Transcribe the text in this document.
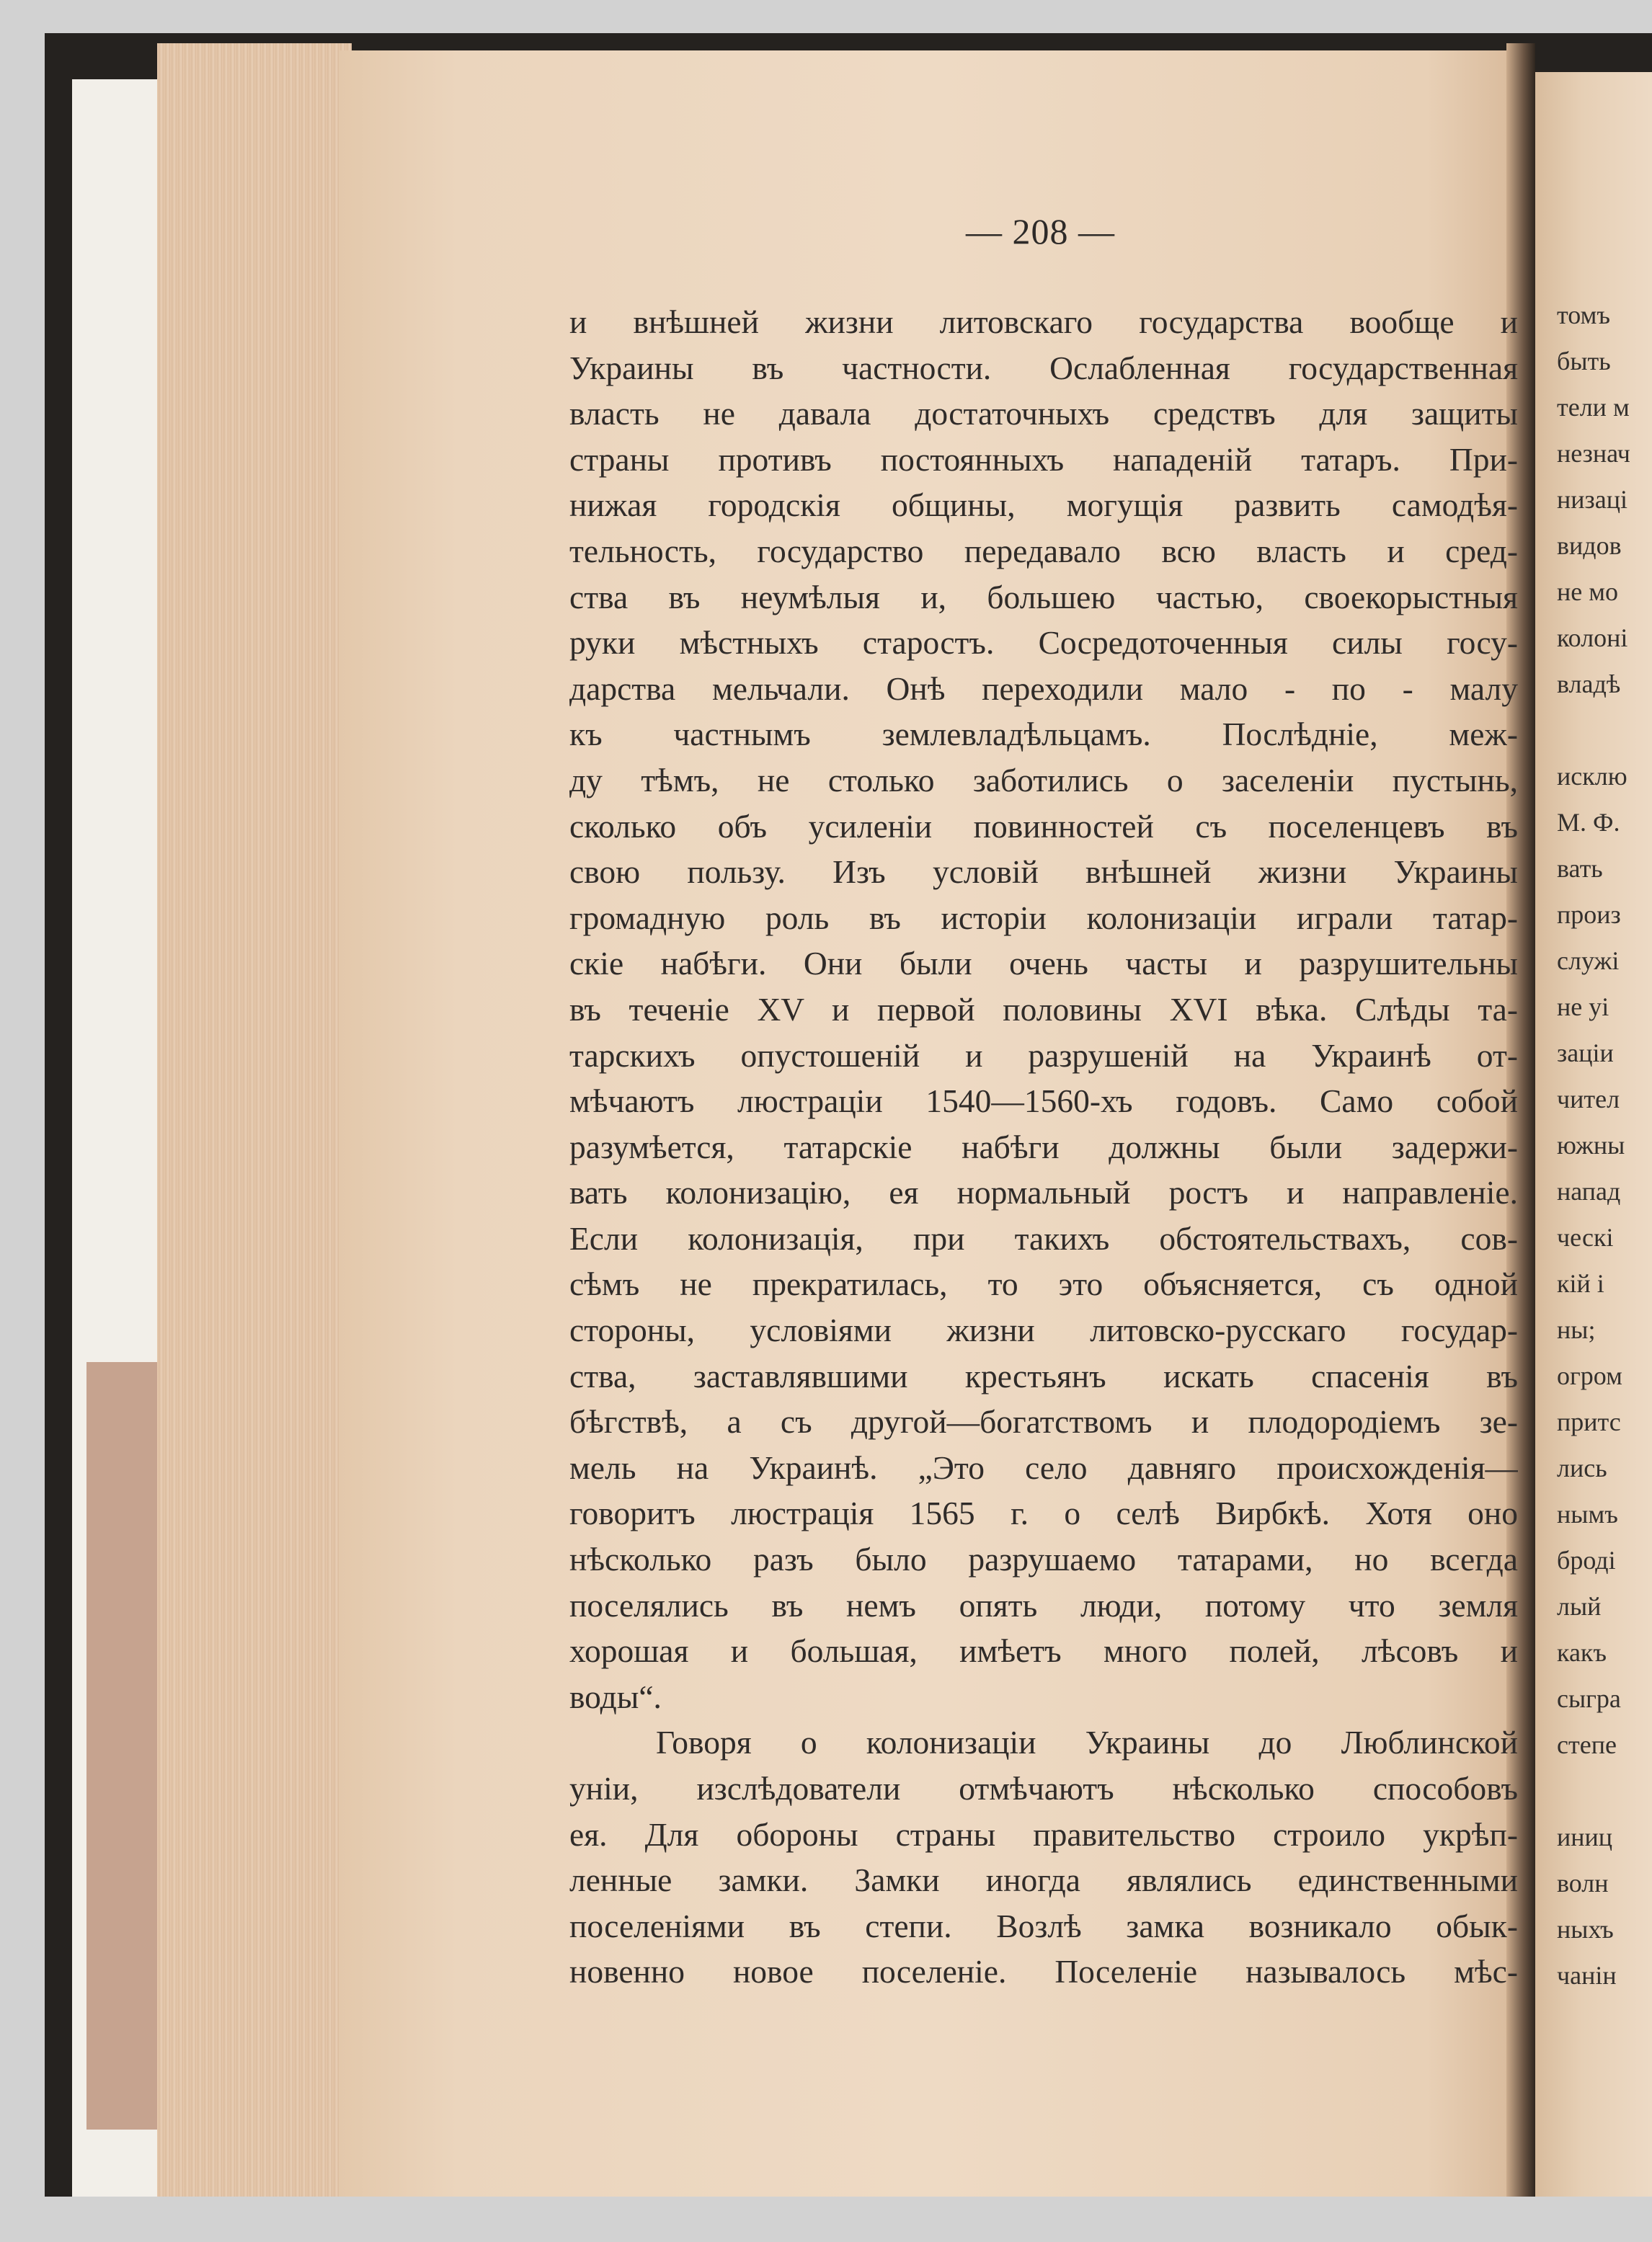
— 208 —
и внѣшней жизни литовскаго государства вообще и
Украины въ частности. Ослабленная государственная
власть не давала достаточныхъ средствъ для защиты
страны противъ постоянныхъ нападеній татаръ. При-
нижая городскія общины, могущія развить самодѣя-
тельность, государство передавало всю власть и сред-
ства въ неумѣлыя и, большею частью, своекорыстныя
руки мѣстныхъ старостъ. Сосредоточенныя силы госу-
дарства мельчали. Онѣ переходили мало - по - малу
къ частнымъ землевладѣльцамъ. Послѣдніе, меж-
ду тѣмъ, не столько заботились о заселеніи пустынь,
сколько объ усиленіи повинностей съ поселенцевъ въ
свою пользу. Изъ условій внѣшней жизни Украины
громадную роль въ исторіи колонизаціи играли татар-
скіе набѣги. Они были очень часты и разрушительны
въ теченіе XV и первой половины XVI вѣка. Слѣды та-
тарскихъ опустошеній и разрушеній на Украинѣ от-
мѣчаютъ люстраціи 1540—1560-хъ годовъ. Само собой
разумѣется, татарскіе набѣги должны были задержи-
вать колонизацію, ея нормальный ростъ и направленіе.
Если колонизація, при такихъ обстоятельствахъ, сов-
сѣмъ не прекратилась, то это объясняется, съ одной
стороны, условіями жизни литовско-русскаго государ-
ства, заставлявшими крестьянъ искать спасенія въ
бѣгствѣ, а съ другой—богатствомъ и плодородіемъ зе-
мель на Украинѣ. „Это село давняго происхожденія—
говоритъ люстрація 1565 г. о селѣ Вирбкѣ. Хотя оно
нѣсколько разъ было разрушаемо татарами, но всегда
поселялись въ немъ опять люди, потому что земля
хорошая и большая, имѣетъ много полей, лѣсовъ и
воды“.
Говоря о колонизаціи Украины до Люблинской
уніи, изслѣдователи отмѣчаютъ нѣсколько способовъ
ея. Для обороны страны правительство строило укрѣп-
ленные замки. Замки иногда являлись единственными
поселеніями въ степи. Возлѣ замка возникало обык-
новенно новое поселеніе. Поселеніе называлось мѣс-
томъ
быть
тели м
незнач
низаці
видов
не мо
колоні
владѣ
исклю
М. Ф.
вать
произ
служі
не уі
заціи
чител
южны
напад
ческі
кій і
ны;
огром
притс
лись
нымъ
броді
лый
какъ
сыгра
степе
иниц
волн
ныхъ
чанін
